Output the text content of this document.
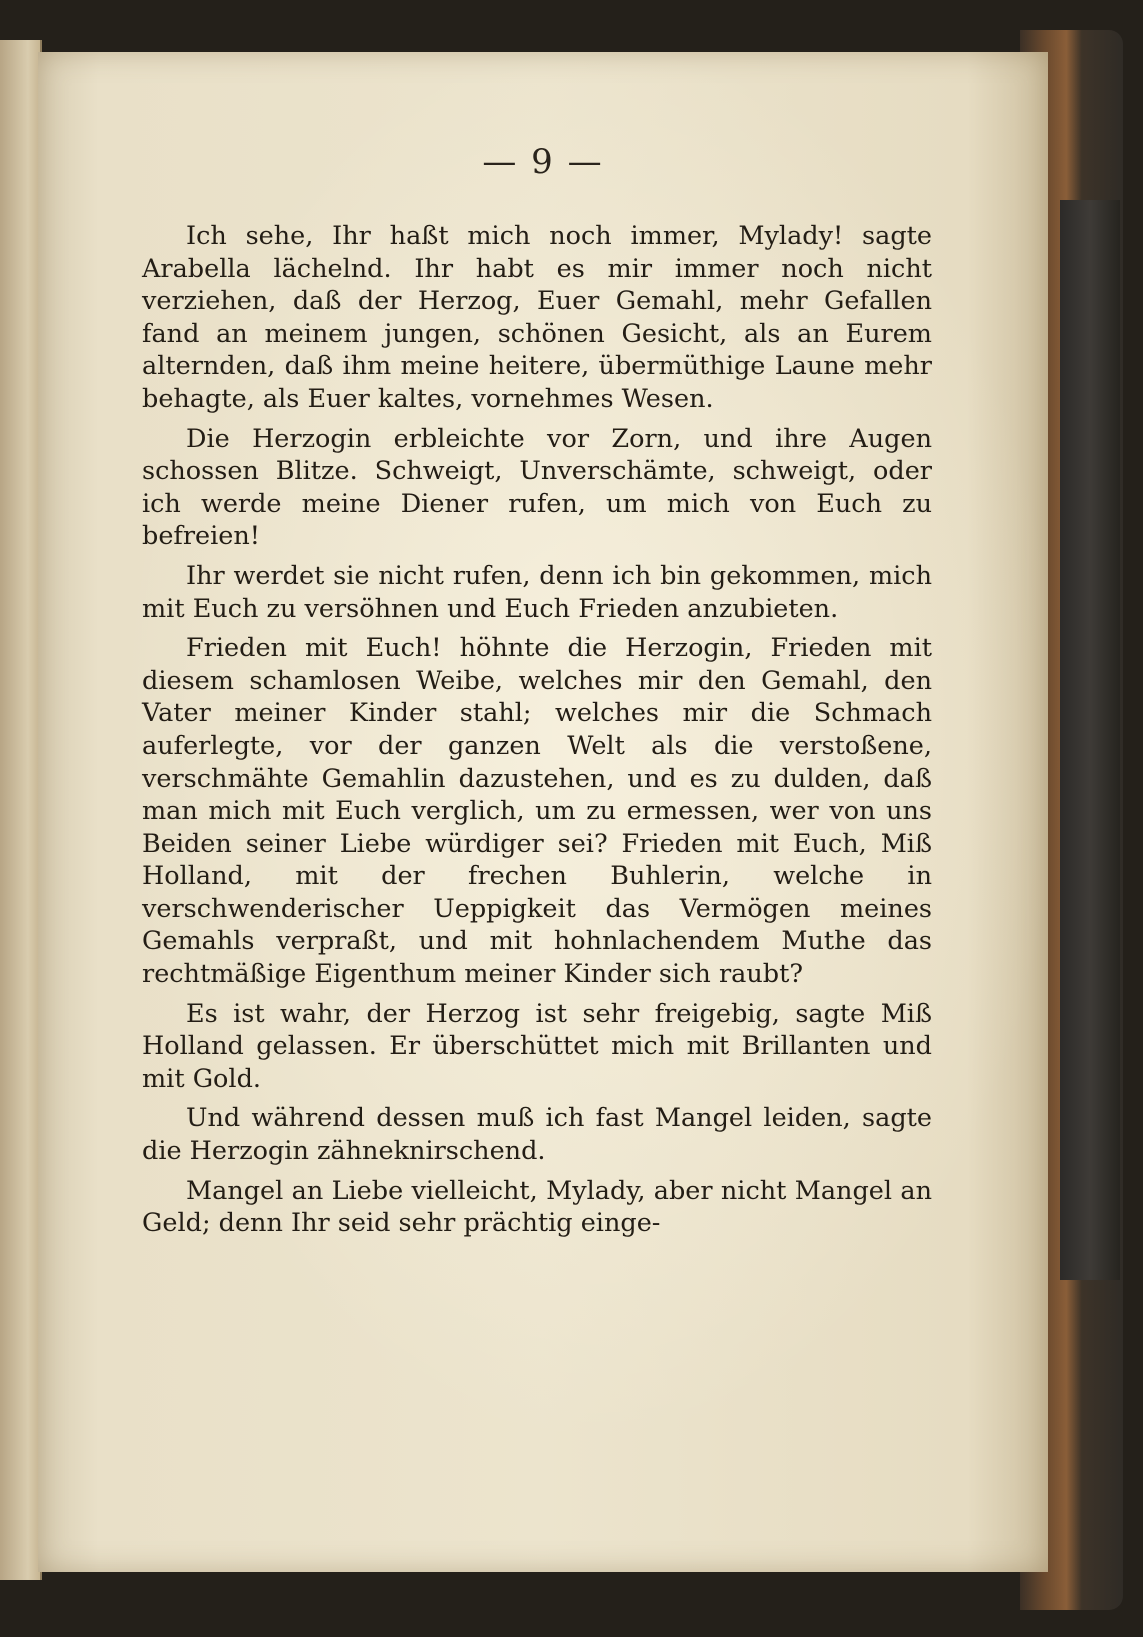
— 9 —

Ich sehe, Ihr haßt mich noch immer, Mylady! sagte Arabella lächelnd. Ihr habt es mir immer noch nicht verziehen, daß der Herzog, Euer Gemahl, mehr Gefallen fand an meinem jungen, schönen Gesicht, als an Eurem alternden, daß ihm meine heitere, übermüthige Laune mehr behagte, als Euer kaltes, vornehmes Wesen.

Die Herzogin erbleichte vor Zorn, und ihre Augen schossen Blitze. Schweigt, Unverschämte, schweigt, oder ich werde meine Diener rufen, um mich von Euch zu befreien!

Ihr werdet sie nicht rufen, denn ich bin gekommen, mich mit Euch zu versöhnen und Euch Frieden anzubieten.

Frieden mit Euch! höhnte die Herzogin, Frieden mit diesem schamlosen Weibe, welches mir den Gemahl, den Vater meiner Kinder stahl; welches mir die Schmach auferlegte, vor der ganzen Welt als die verstoßene, verschmähte Gemahlin dazustehen, und es zu dulden, daß man mich mit Euch verglich, um zu ermessen, wer von uns Beiden seiner Liebe würdiger sei? Frieden mit Euch, Miß Holland, mit der frechen Buhlerin, welche in verschwenderischer Ueppigkeit das Vermögen meines Gemahls verpraßt, und mit hohnlachendem Muthe das rechtmäßige Eigenthum meiner Kinder sich raubt?

Es ist wahr, der Herzog ist sehr freigebig, sagte Miß Holland gelassen. Er überschüttet mich mit Brillanten und mit Gold.

Und während dessen muß ich fast Mangel leiden, sagte die Herzogin zähneknirschend.

Mangel an Liebe vielleicht, Mylady, aber nicht Mangel an Geld; denn Ihr seid sehr prächtig einge-
